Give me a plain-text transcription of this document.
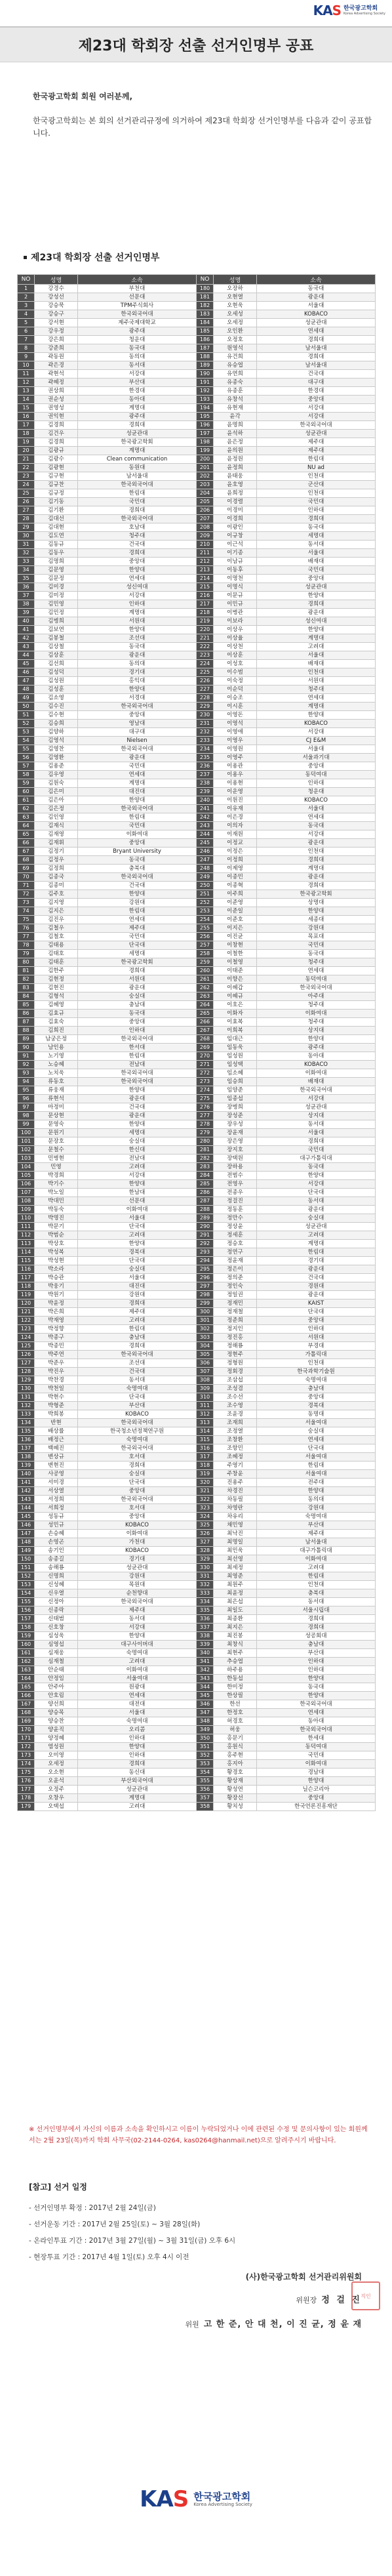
KAS 한국광고학회
Korea Advertising Society
제23대 학회장 선출 선거인명부 공표

한국광고학회 회원 여러분께,

한국광고학회는 본 회의 선거관리규정에 의거하여 제23대 학회장 선거인명부를 다음과 같이 공표합니다.

제23대 학회장 선출 선거인명부
NO	성명	소속	NO	성명	소속
1	강경수	부천대	180	오장하	동국대
2	강성선	선문대	181	오현열	광운대
3	강승묵	TPM주식회사	182	오현욱	서울대
4	강승구	한국외국어대	183	오세성	KOBACO
5	강서현	제주국제대학교	184	오세정	성균관대
6	강우정	광주대	185	오인환	연세대
7	강은희	청운대	186	오정호	경희대
8	강준희	동국대	187	원영석	남서울대
9	곽동원	동의대	188	유건희	경희대
10	곽은경	동서대	189	유승엽	남서울대
11	곽현석	서강대	190	유연희	건국대
12	곽혜정	부산대	191	유종숙	대구대
13	권상희	한경대	192	유종훈	한경대
14	권순성	동아대	193	유창석	중앙대
15	권영성	계명대	194	유현재	서강대
16	권익현	광주대	195	윤각	서강대
17	김경희	경희대	196	윤명희	한국외국어대
18	김건우	성균관대	197	윤석하	성균관대
19	김경희	한국광고학회	198	윤은정	제주대
20	김광규	계명대	199	윤의원	제주대
21	김광수	Clean communication	200	윤정원	한림대
22	김광현	동원대	201	윤정희	NU ad
23	김구현	남서울대	202	윤태웅	인천대
24	김규찬	한국외국어대	203	윤호영	군산대
25	김규정	한림대	204	윤희정	인천대
26	김기동	국민대	205	이경렬	국민대
27	김기환	경희대	206	이경미	인하대
28	김대선	한국외국어대	207	이경희	경희대
29	김대현	호남대	208	이광인	동국대
30	김도연	청주대	209	이규창	세명대
31	김동규	건국대	210	이근석	동서대
32	김동우	경희대	211	이기종	서울대
33	김명희	중앙대	212	이남규	배재대
34	김문영	한양대	213	이동후	국민대
35	김문정	연세대	214	이명천	중앙대
36	김미경	성신여대	215	이명식	성균관대
37	김미정	서강대	216	이문규	한양대
38	김민영	인하대	217	이민규	경희대
39	김민정	계명대	218	이병관	광운대
40	김병희	서원대	219	이보라	성신여대
41	김보연	한양대	220	이상우	한양대
42	김봉철	조선대	221	이상율	계명대
43	김상철	동국대	222	이상천	고려대
44	김상훈	광운대	223	이상훈	서울대
45	김선희	동의대	224	이성호	배재대
46	김성덕	경기대	225	이수범	인천대
47	김성원	홍익대	226	이숙정	서원대
48	김성훈	한양대	227	이순덕	청주대
49	김소영	서경대	228	이승조	연세대
50	김수진	한국외국어대	229	이시훈	계명대
51	김수현	중앙대	230	이영돈	한양대
52	김승희	영남대	231	이영석	KOBACO
53	김양하	대구대	232	이영애	서강대
54	김영석	Nielsen	233	이영우	CJ E&M
55	김영찬	한국외국어대	234	이영원	서울대
56	김영환	광운대	235	이영주	서울과기대
57	김용준	국민대	236	이용관	중앙대
58	김우영	연세대	237	이용우	동덕여대
59	김원숙	계명대	238	이용현	인하대
60	김은미	대진대	239	이운영	청운대
61	김은아	한양대	240	이원진	KOBACO
62	김은정	한국외국어대	241	이유재	서울대
63	김인영	한림대	242	이은경	연세대
64	김재식	국민대	243	이의자	동국대
65	김재영	이화여대	244	이재원	서강대
66	김재휘	중앙대	245	이정교	광운대
67	김정기	Bryant University	246	이정은	인천대
68	김정우	동국대	247	이정희	경희대
69	김정희	충북대	248	이제영	계명대
70	김종국	한국외국어대	249	이종민	광운대
71	김종미	건국대	250	이종혁	경희대
72	김주호	한양대	251	이주희	한국광고학회
73	김지영	강원대	252	이준영	상명대
74	김지은	한림대	253	이준일	한양대
75	김진우	연세대	254	이준호	세종대
76	김철우	제주대	255	이지은	강원대
77	김철호	국민대	256	이진균	목포대
78	김태용	단국대	257	이창현	국민대
79	김태호	세명대	258	이철한	동국대
80	김태훈	한국광고학회	259	이철영	청주대
81	김한주	경희대	260	이태준	연세대
82	김현정	서원대	261	이향은	동덕여대
83	김현진	광운대	262	이혜갑	한국외국어대
84	김형석	숭실대	263	이혜규	아주대
85	김혜영	충남대	264	이호은	청주대
86	김효규	동국대	265	이화자	이화여대
87	김효숙	중앙대	266	이효복	청주대
88	김희진	인하대	267	이희복	상지대
89	남궁은정	한국외국어대	268	임대근	한양대
90	남인용	한서대	269	임동욱	광주대
91	노기영	한림대	270	임성원	동아대
92	노승혜	전남대	271	임성택	KOBACO
93	노치욱	한국외국어대	272	임소혜	이화여대
94	류동호	한국외국어대	273	임승희	배재대
95	류웅재	한양대	274	임양준	한국외국어대
96	류현석	광운대	275	임종섭	서강대
97	마정미	건국대	276	장병희	성균관대
98	문상현	광운대	277	장성준	상지대
99	문영숙	한양대	278	장우성	동서대
100	문원기	세명대	279	장윤재	서울대
101	문장호	숭실대	280	장은영	경희대
102	문철수	한신대	281	장지호	국민대
103	민병현	전남대	282	장택원	대구가톨릭대
104	민영	고려대	283	장하용	동국대
105	박경희	서강대	284	전범수	한양대
106	박기수	한양대	285	전영우	서강대
107	박노일	한남대	286	전종우	단국대
108	박대민	선문대	287	정걸진	동서대
109	박동숙	이화여대	288	정동훈	광운대
110	박명진	서울대	289	정만수	숭실대
111	박문기	단국대	290	정상윤	성균관대
112	박범순	고려대	291	정세훈	고려대
113	박상호	한양대	292	정승호	계명대
114	박성복	경북대	293	정연구	한림대
115	박성현	단국대	294	정윤재	경기대
116	박소라	숭실대	295	정은이	광운대
117	박승관	서울대	296	정의준	건국대
118	박웅기	대진대	297	정인숙	경원대
119	박원기	강원대	298	정일권	광운대
120	박윤정	경희대	299	정재민	KAIST
121	박은희	제주대	300	정재철	단국대
122	박재영	고려대	301	정준희	중앙대
123	박정향	한림대	302	정지인	인하대
124	박종구	충남대	303	정진홍	서원대
125	박종민	경희대	304	정해룡	부경대
126	박주연	한국외국어대	305	정현주	가톨릭대
127	박준우	조선대	306	정형원	인천대
128	박진우	건국대	307	정회경	한국과학기술원
129	박찬경	동서대	308	조삼섭	숙명여대
130	박천일	숙명여대	309	조성겸	충남대
131	박현수	단국대	310	조수선	중앙대
132	박형준	부산대	311	조수영	경북대
133	박희봉	KOBACO	312	조윤경	동명대
134	반현	한국외국어대	313	조재희	서울여대
135	배상률	한국청소년정책연구원	314	조정열	숭실대
136	배정근	숙명여대	315	조창환	연세대
137	백혜진	한국외국어대	316	조항민	단국대
138	변상규	호서대	317	조혜정	서울여대
139	변현진	경희대	318	주영기	한림대
140	사공영	숭실대	319	주창윤	서울여대
141	서미경	단국대	320	진용주	전주대
142	서상열	중앙대	321	차경진	한양대
143	서정희	한국외국어대	322	차동필	동의대
144	서희정	호서대	323	차영란	강원대
145	성동규	중앙대	324	차유리	숙명여대
146	성민규	KOBACO	325	채민영	부산대
147	손승혜	이화여대	326	최낙진	제주대
148	손영곤	가천대	327	최명일	남서울대
149	송기인	KOBACO	328	최민욱	대구가톨릭대
150	송종길	경기대	329	최선영	이화여대
151	송해룡	성균관대	330	최세정	고려대
152	신명희	강원대	331	최영준	한림대
153	신성혜	목원대	332	최원주	인천대
154	신우열	순천향대	333	최윤정	충북대
155	신정아	한국외국어대	334	최은섭	동서대
156	신종락	제주대	335	최일도	서울시립대
157	신태범	동서대	336	최종환	경희대
158	신호창	서강대	337	최지은	경희대
159	심성욱	한양대	338	최진봉	성공회대
160	심영섭	대구사이버대	339	최창식	충남대
161	심재웅	숙명여대	340	최현주	부산대
162	심재철	고려대	341	추승엽	인하대
163	안순태	이화여대	342	하주용	인하대
164	안정임	서울여대	343	한동섭	한양대
165	안주아	원광대	344	한미정	동국대
166	안호림	연세대	345	한상필	한양대
167	양선희	대전대	346	한선	한국외국어대
168	양승목	서울대	347	한정호	연세대
169	양승찬	숙명여대	348	허경호	동아대
170	양윤직	오리콤	349	허웅	한국외국어대
171	양정혜	인하대	350	홍문기	한세대
172	염성원	한양대	351	홍원식	동덕여대
173	오미영	인하대	352	홍주현	국민대
174	오세정	경희대	353	홍지아	이화여대
175	오소현	동신대	354	황경호	경남대
176	오윤석	부산외국어대	355	황상재	한양대
177	오정주	성균관대	356	황성연	닐슨코리아
178	오창우	계명대	357	황장선	중앙대
179	오택섭	고려대	358	황치성	한국언론진흥재단
※ 선거인명부에서 자신의 이름과 소속을 확인하시고 이름이 누락되었거나 이에 관련된 수정 및 문의사항이 있는 회원께서는 2월 23일(목)까지 학회 사무국(02-2144-0264, kas0264@hanmail.net)으로 알려주시기 바랍니다.
[참고] 선거 일정
- 선거인명부 확정 : 2017년 2월 24일(금)
- 선거운동 기간 : 2017년 2월 25일(토) ~ 3월 28일(화)
- 온라인투표 기간 : 2017년 3월 27일(월) ~ 3월 31일(금) 오후 6시
- 현장투표 기간 : 2017년 4월 1일(토) 오후 4시 이전
(사)한국광고학회 선거관리위원회
위원장 정 걸 진
위원 고 한 준, 안 대 천, 이 진 균, 정 윤 재
직인
KAS 한국광고학회
Korea Advertising Society
